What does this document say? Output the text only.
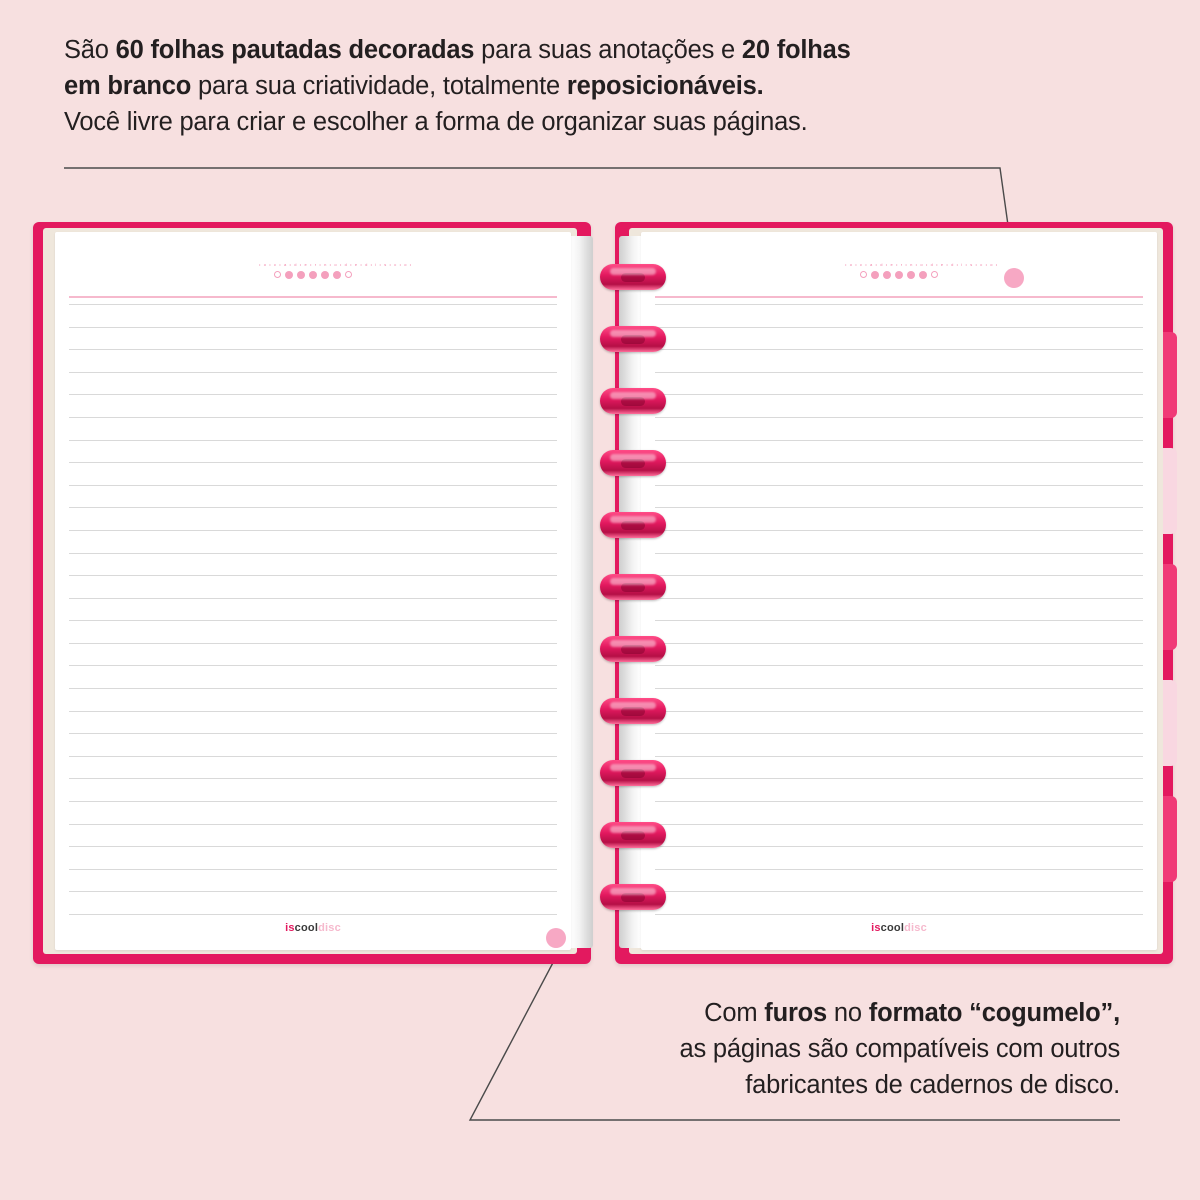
São 60 folhas pautadas decoradas para suas anotações e 20 folhas
em branco para sua criatividade, totalmente reposicionáveis.
Você livre para criar e escolher a forma de organizar suas páginas.
• o • c • a • d • e • r • n • o • d • e • d • i • s • c • o •
iscooldisc
• o • c • a • d • e • r • n • o • d • e • d • i • s • c • o •
iscooldisc
Com furos no formato “cogumelo”,
as páginas são compatíveis com outros
fabricantes de cadernos de disco.
